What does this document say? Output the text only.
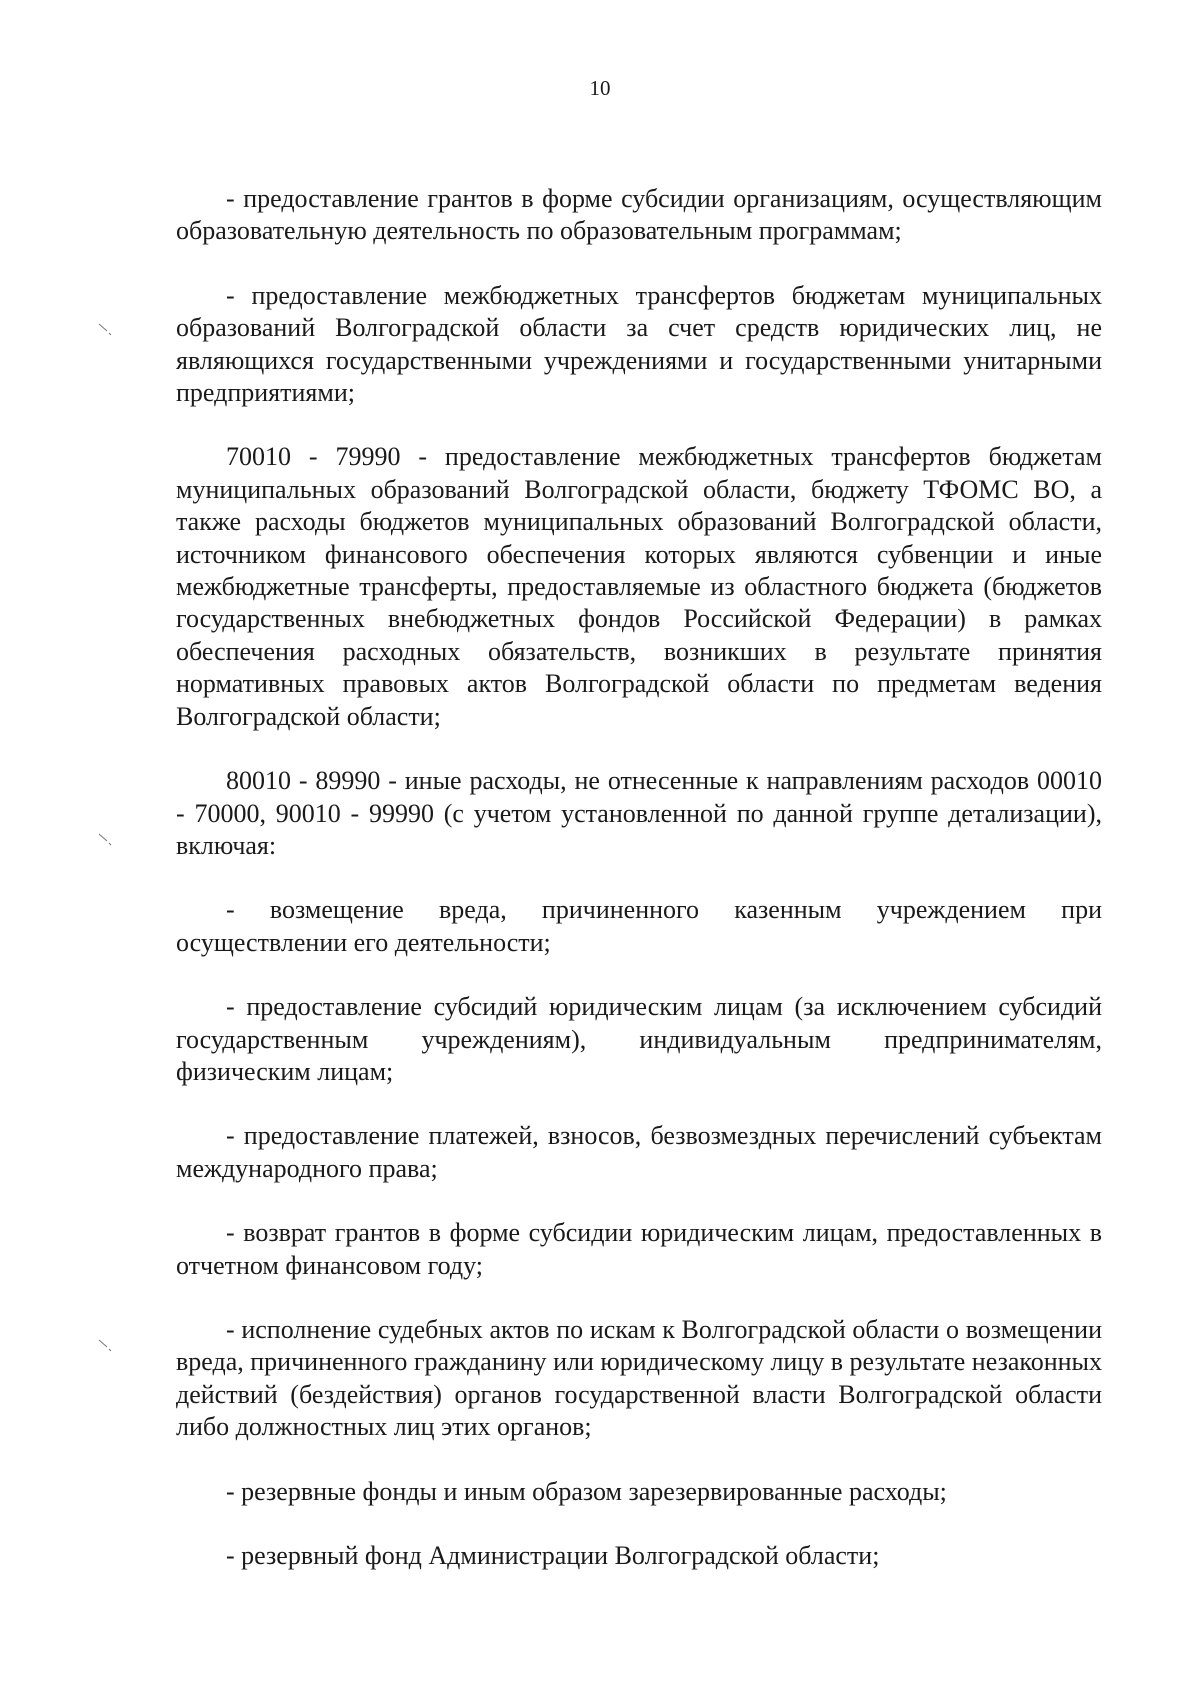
10

- предоставление грантов в форме субсидии организациям, осуществляющим образовательную деятельность по образовательным программам;

- предоставление межбюджетных трансфертов бюджетам муниципальных образований Волгоградской области за счет средств юридических лиц, не являющихся государственными учреждениями и государственными унитарными предприятиями;

70010 - 79990 - предоставление межбюджетных трансфертов бюджетам муниципальных образований Волгоградской области, бюджету ТФОМС ВО, а также расходы бюджетов муниципальных образований Волгоградской области, источником финансового обеспечения которых являются субвенции и иные межбюджетные трансферты, предоставляемые из областного бюджета (бюджетов государственных внебюджетных фондов Российской Федерации) в рамках обеспечения расходных обязательств, возникших в результате принятия нормативных правовых актов Волгоградской области по предметам ведения Волгоградской области;

80010 - 89990 - иные расходы, не отнесенные к направлениям расходов 00010 - 70000, 90010 - 99990 (с учетом установленной по данной группе детализации), включая:

- возмещение вреда, причиненного казенным учреждением при осуществлении его деятельности;

- предоставление субсидий юридическим лицам (за исключением субсидий государственным учреждениям), индивидуальным предпринимателям, физическим лицам;

- предоставление платежей, взносов, безвозмездных перечислений субъектам международного права;

- возврат грантов в форме субсидии юридическим лицам, предоставленных в отчетном финансовом году;

- исполнение судебных актов по искам к Волгоградской области о возмещении вреда, причиненного гражданину или юридическому лицу в результате незаконных действий (бездействия) органов государственной власти Волгоградской области либо должностных лиц этих органов;

- резервные фонды и иным образом зарезервированные расходы;

- резервный фонд Администрации Волгоградской области;
